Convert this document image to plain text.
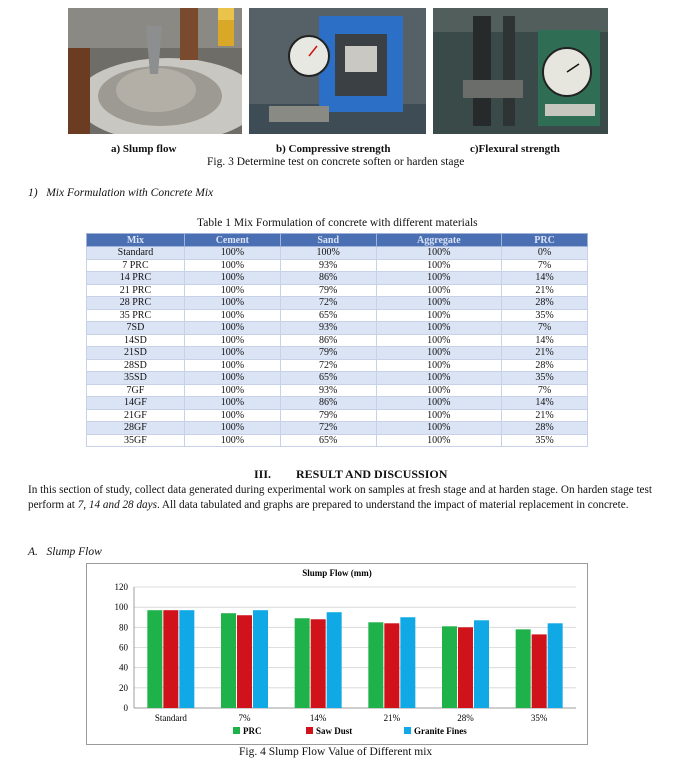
a) Slump flow	b) Compressive strength	c)Flexural strength
Fig. 3 Determine test on concrete soften or harden stage
1)   Mix Formulation with Concrete Mix
Table 1 Mix Formulation of concrete with different materials
Mix	Cement	Sand	Aggregate	PRC
Standard	100%	100%	100%	0%
7 PRC	100%	93%	100%	7%
14 PRC	100%	86%	100%	14%
21 PRC	100%	79%	100%	21%
28 PRC	100%	72%	100%	28%
35 PRC	100%	65%	100%	35%
7SD	100%	93%	100%	7%
14SD	100%	86%	100%	14%
21SD	100%	79%	100%	21%
28SD	100%	72%	100%	28%
35SD	100%	65%	100%	35%
7GF	100%	93%	100%	7%
14GF	100%	86%	100%	14%
21GF	100%	79%	100%	21%
28GF	100%	72%	100%	28%
35GF	100%	65%	100%	35%
III. RESULT AND DISCUSSION
In this section of study, collect data generated during experimental work on samples at fresh stage and at harden stage. On harden stage test perform at 7, 14 and 28 days. All data tabulated and graphs are prepared to understand the impact of material replacement in concrete.
A.   Slump Flow
Slump Flow (mm)
0
20
40
60
80
100
120
Standard	7%	14%	21%	28%	35%
PRC	Saw Dust	Granite Fines
Fig. 4 Slump Flow Value of Different mix
